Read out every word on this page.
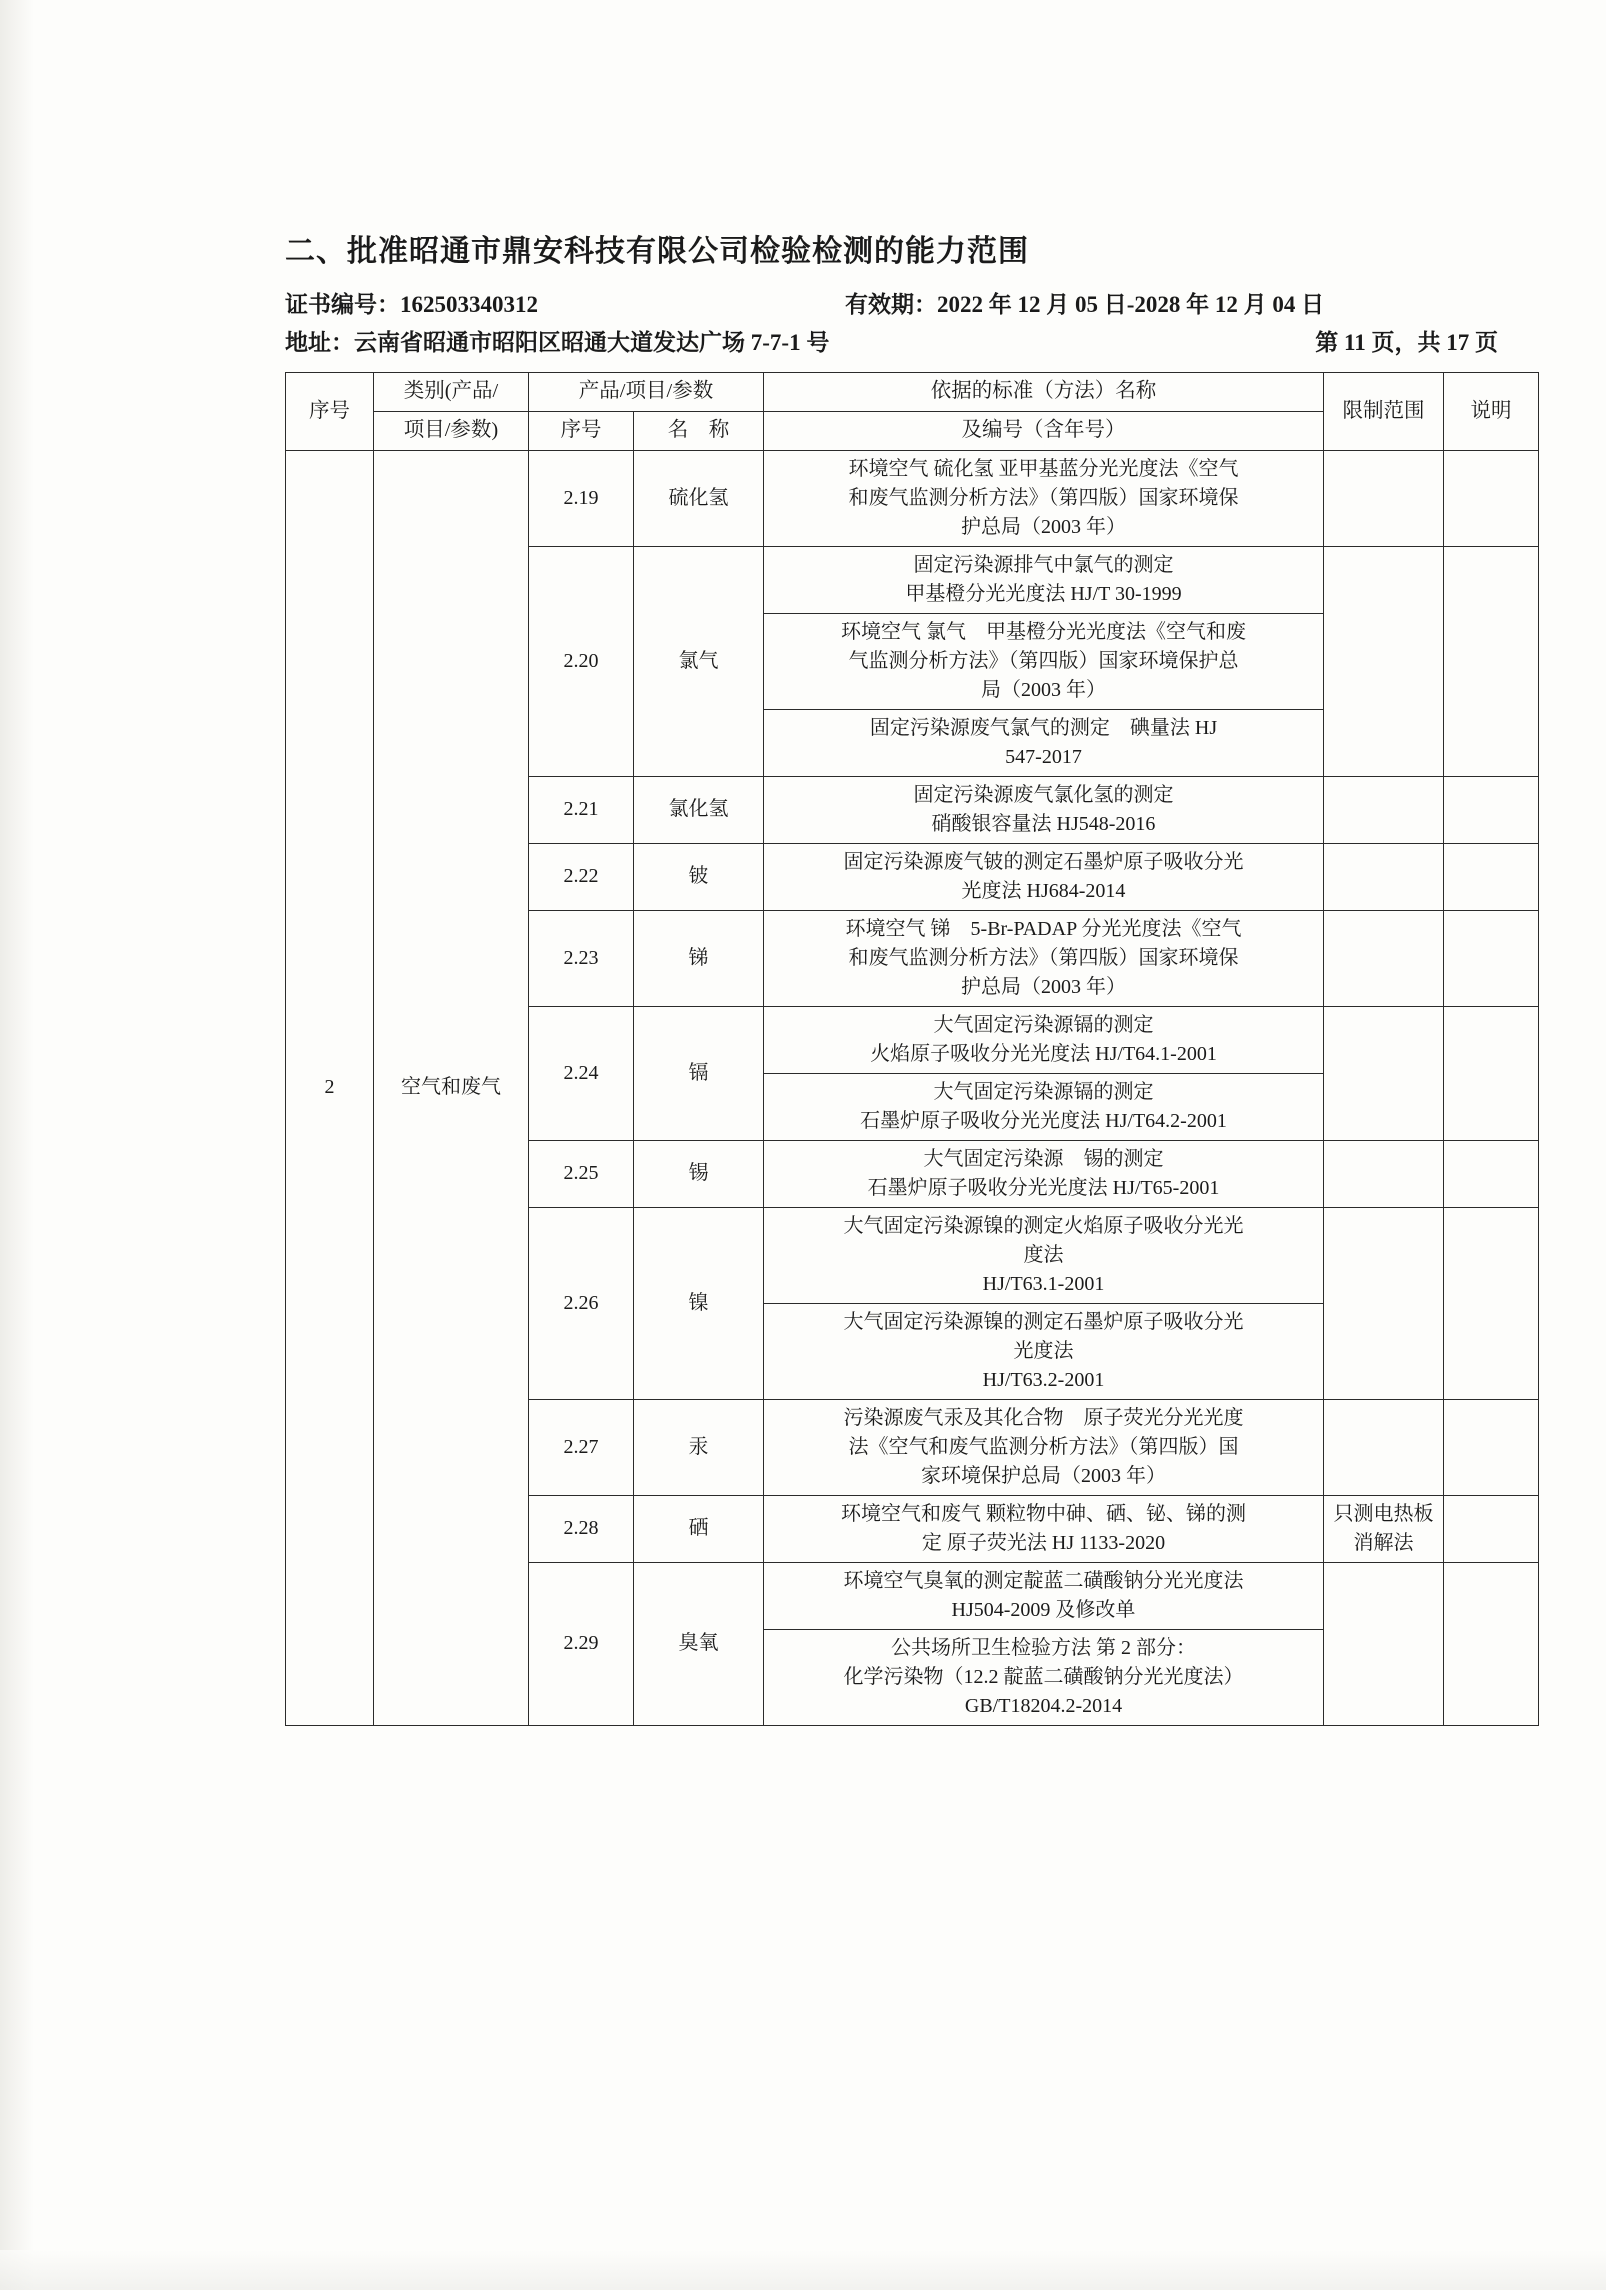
二、批准昭通市鼎安科技有限公司检验检测的能力范围
证书编号：162503340312	有效期：2022 年 12 月 05 日-2028 年 12 月 04 日
地址：云南省昭通市昭阳区昭通大道发达广场 7-7-1 号	第 11 页，共 17 页
序号	类别(产品/	产品/项目/参数		依据的标准（方法）名称	限制范围	说明
	项目/参数)	序号	名　称	及编号（含年号）		
2	空气和废气	2.19	硫化氢	环境空气 硫化氢 亚甲基蓝分光光度法《空气
和废气监测分析方法》（第四版）国家环境保
护总局（2003 年）		

		2.20	氯气	固定污染源排气中氯气的测定
甲基橙分光光度法 HJ/T 30-1999		

				环境空气 氯气　甲基橙分光光度法《空气和废
气监测分析方法》（第四版）国家环境保护总
局（2003 年）		

				固定污染源废气氯气的测定　碘量法 HJ
547-2017		

		2.21	氯化氢	固定污染源废气氯化氢的测定
硝酸银容量法 HJ548-2016		

		2.22	铍	固定污染源废气铍的测定石墨炉原子吸收分光
光度法 HJ684-2014		

		2.23	锑	环境空气 锑　5-Br-PADAP 分光光度法《空气
和废气监测分析方法》（第四版）国家环境保
护总局（2003 年）		

		2.24	镉	大气固定污染源镉的测定
火焰原子吸收分光光度法 HJ/T64.1-2001		

				大气固定污染源镉的测定
石墨炉原子吸收分光光度法 HJ/T64.2-2001		

		2.25	锡	大气固定污染源　锡的测定
石墨炉原子吸收分光光度法 HJ/T65-2001		

		2.26	镍	大气固定污染源镍的测定火焰原子吸收分光光
度法
HJ/T63.1-2001		

				大气固定污染源镍的测定石墨炉原子吸收分光
光度法
HJ/T63.2-2001		

		2.27	汞	污染源废气汞及其化合物　原子荧光分光光度
法《空气和废气监测分析方法》（第四版）国
家环境保护总局（2003 年）		

		2.28	硒	环境空气和废气 颗粒物中砷、硒、铋、锑的测
定 原子荧光法 HJ 1133-2020	只测电热板消解法	
		2.29	臭氧	环境空气臭氧的测定靛蓝二磺酸钠分光光度法
HJ504-2009 及修改单		

				公共场所卫生检验方法 第 2 部分：
化学污染物（12.2 靛蓝二磺酸钠分光光度法）
GB/T18204.2-2014		
